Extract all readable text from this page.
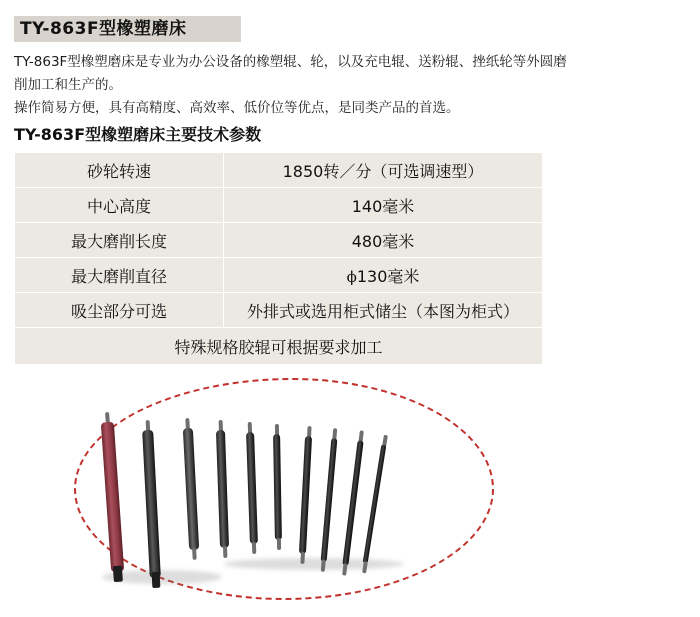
TY-863F型橡塑磨床

TY-863F型橡塑磨床是专业为办公设备的橡塑辊、轮，以及充电辊、送粉辊、挫纸轮等外圆磨

削加工和生产的。

操作简易方便，具有高精度、高效率、低价位等优点，是同类产品的首选。

TY-863F型橡塑磨床主要技术参数
砂轮转速	1850转／分（可选调速型）
中心高度	140毫米
最大磨削长度	480毫米
最大磨削直径	ϕ130毫米
吸尘部分可选	外排式或选用柜式储尘（本图为柜式）
特殊规格胶辊可根据要求加工	
